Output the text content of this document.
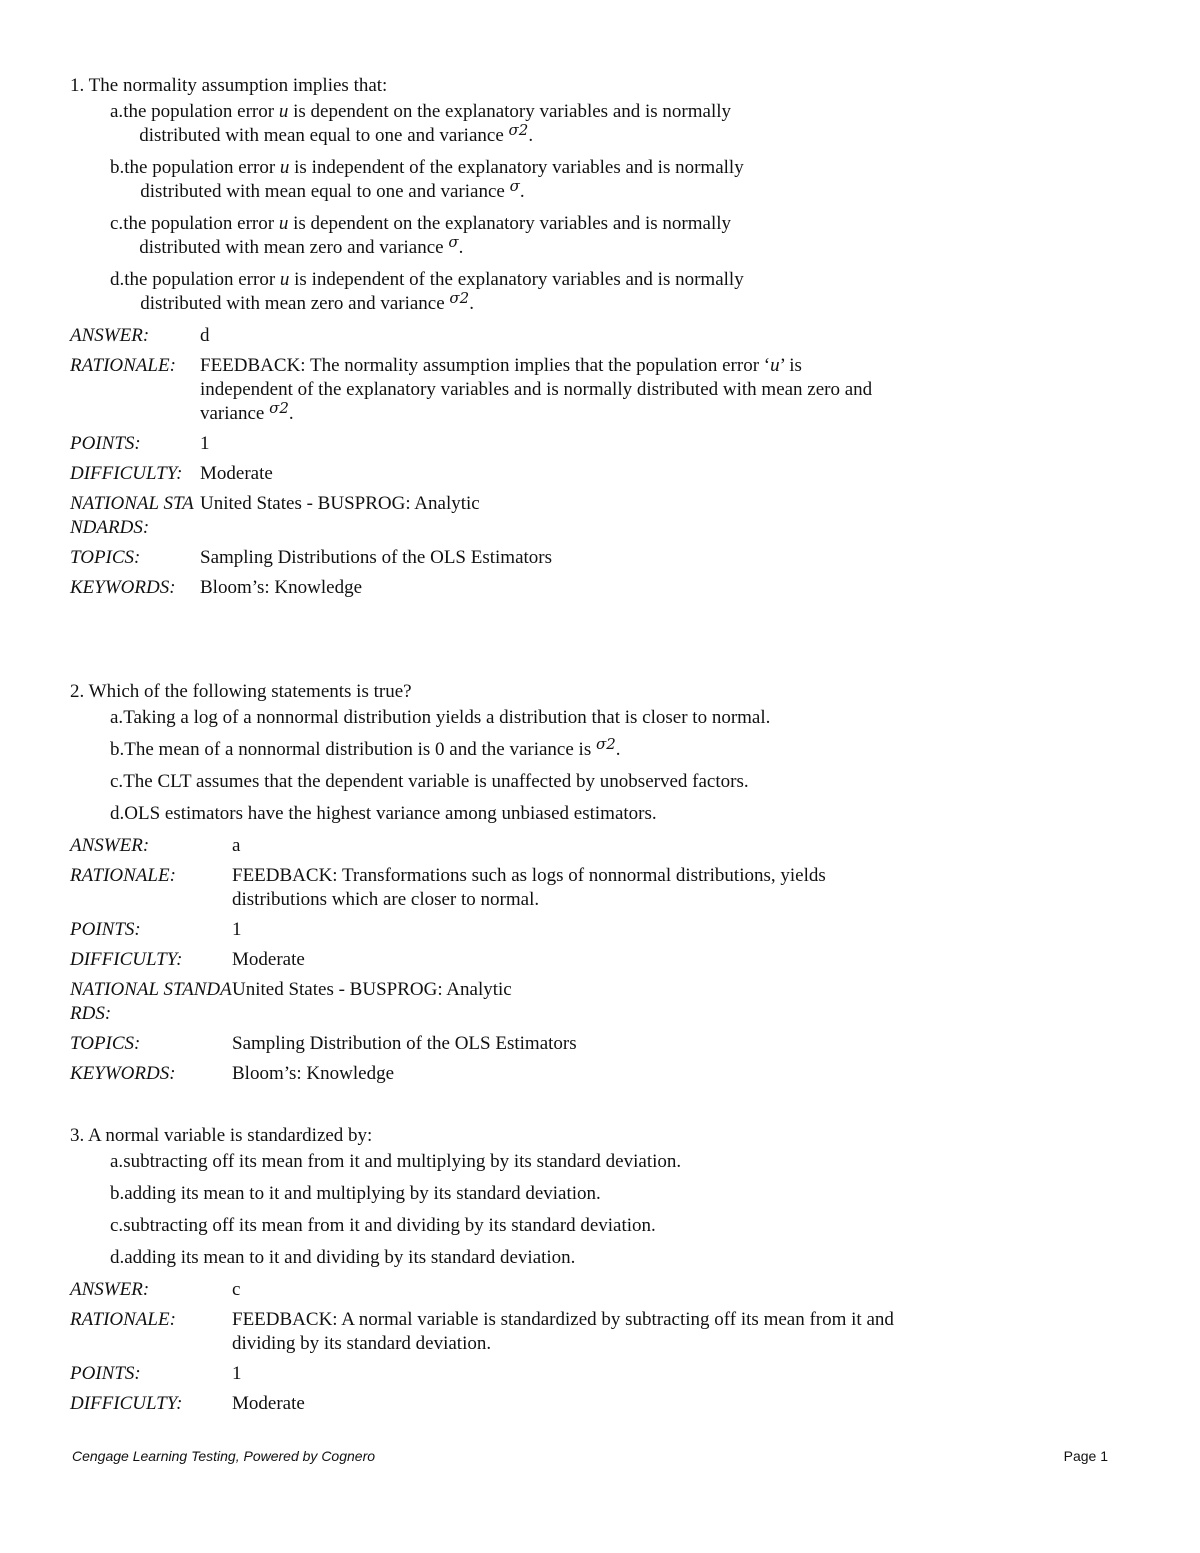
1. The normality assumption implies that:
a. the population error u is dependent on the explanatory variables and is normally
distributed with mean equal to one and variance $^{\sigma 2}$.
b. the population error u is independent of the explanatory variables and is normally
distributed with mean equal to one and variance $^\sigma$.
c. the population error u is dependent on the explanatory variables and is normally
distributed with mean zero and variance $^\sigma$.
d. the population error u is independent of the explanatory variables and is normally
distributed with mean zero and variance $^{\sigma 2}$.
ANSWER:	d
RATIONALE:	FEEDBACK: The normality assumption implies that the population error ‘u’ is independent of the explanatory variables and is normally distributed with mean zero and variance $^{\sigma 2}$.
POINTS:	1
DIFFICULTY: Moderate
NATIONAL STANDARDS:
United States - BUSPROG: Analytic
TOPICS:	Sampling Distributions of the OLS Estimators
KEYWORDS:	Bloom’s: Knowledge
2. Which of the following statements is true?
a. Taking a log of a nonnormal distribution yields a distribution that is closer to normal.
b. The mean of a nonnormal distribution is 0 and the variance is $^{\sigma 2}$.
c. The CLT assumes that the dependent variable is unaffected by unobserved factors.
d. OLS estimators have the highest variance among unbiased estimators.
ANSWER:	a
RATIONALE:	FEEDBACK: Transformations such as logs of nonnormal distributions, yields distributions which are closer to normal.
POINTS:	1
DIFFICULTY:	Moderate
NATIONAL STANDARDS:
United States - BUSPROG: Analytic
TOPICS:	Sampling Distribution of the OLS Estimators
KEYWORDS:	Bloom’s: Knowledge
3. A normal variable is standardized by:
a. subtracting off its mean from it and multiplying by its standard deviation.
b. adding its mean to it and multiplying by its standard deviation.
c. subtracting off its mean from it and dividing by its standard deviation.
d. adding its mean to it and dividing by its standard deviation.
ANSWER:	c
RATIONALE:	FEEDBACK: A normal variable is standardized by subtracting off its mean from it and dividing by its standard deviation.
POINTS:	1
DIFFICULTY:	Moderate
Cengage Learning Testing, Powered by Cognero	Page 1
